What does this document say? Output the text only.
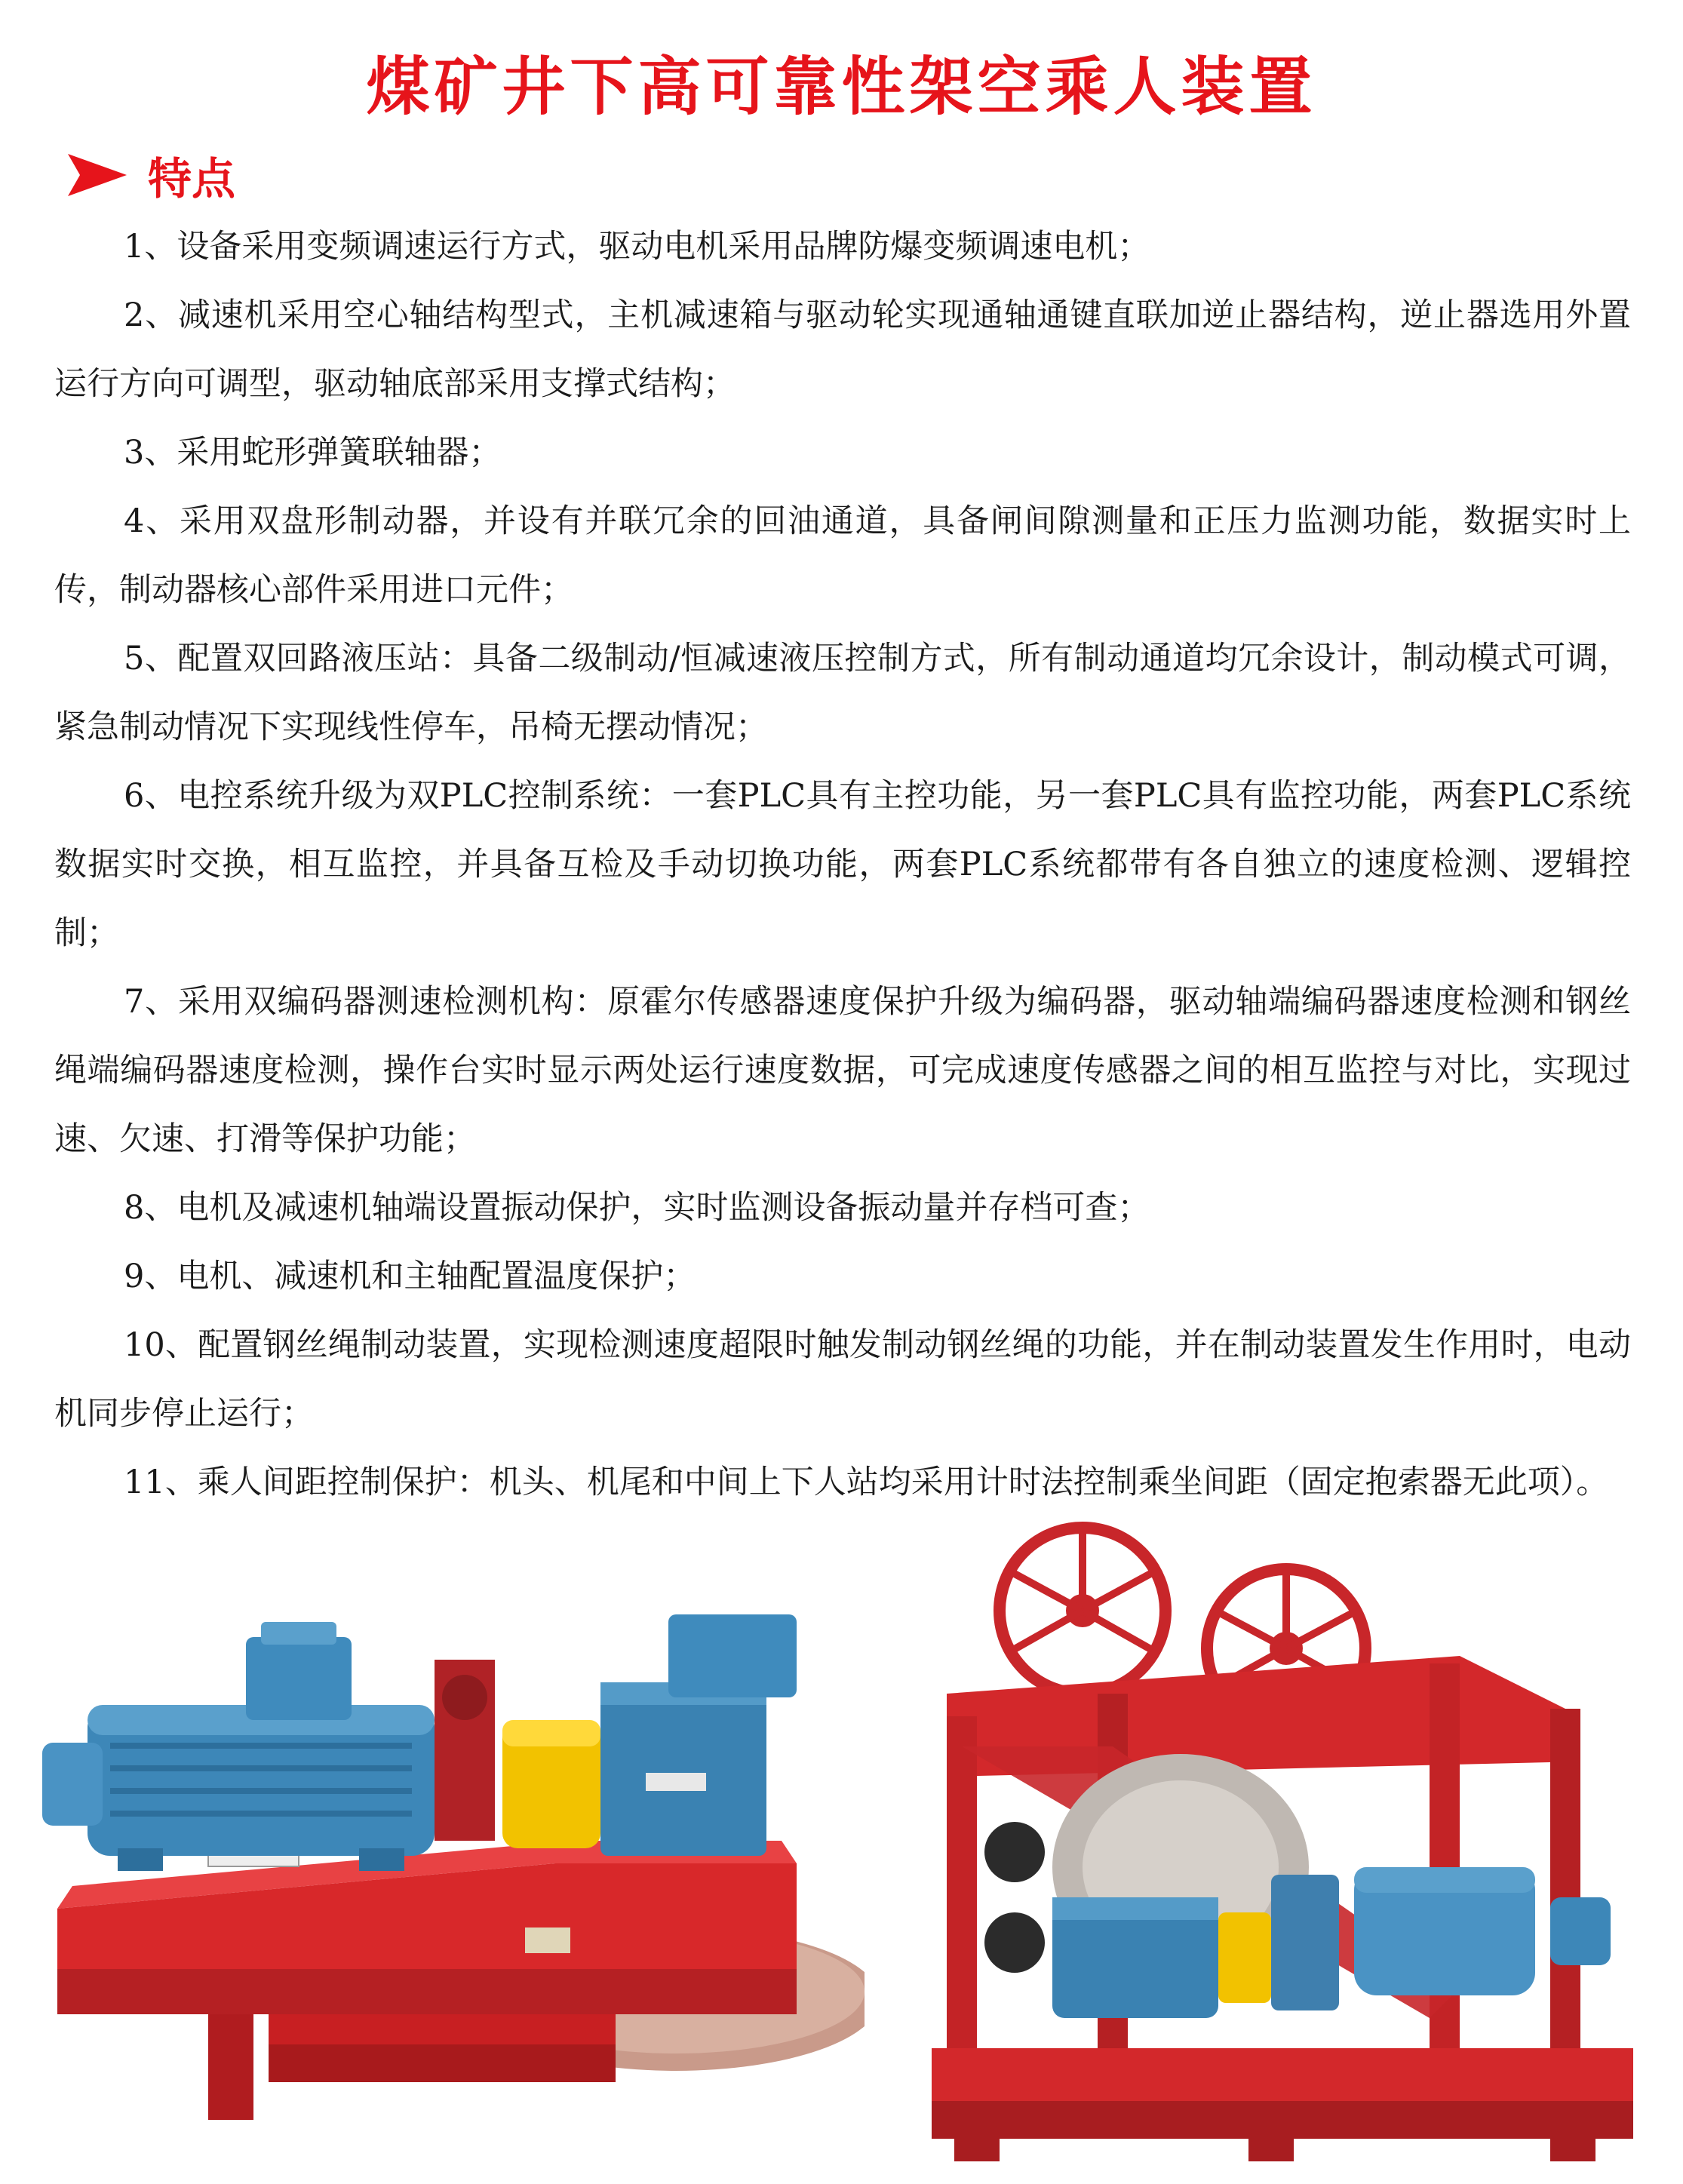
煤矿井下高可靠性架空乘人装置
特点
1、设备采用变频调速运行方式，驱动电机采用品牌防爆变频调速电机；
2、减速机采用空心轴结构型式，主机减速箱与驱动轮实现通轴通键直联加逆止器结构，逆止器选用外置运行方向可调型，驱动轴底部采用支撑式结构；
3、采用蛇形弹簧联轴器；
4、采用双盘形制动器，并设有并联冗余的回油通道，具备闸间隙测量和正压力监测功能，数据实时上传，制动器核心部件采用进口元件；
5、配置双回路液压站：具备二级制动/恒减速液压控制方式，所有制动通道均冗余设计，制动模式可调，紧急制动情况下实现线性停车，吊椅无摆动情况；
6、电控系统升级为双PLC控制系统：一套PLC具有主控功能，另一套PLC具有监控功能，两套PLC系统数据实时交换，相互监控，并具备互检及手动切换功能，两套PLC系统都带有各自独立的速度检测、逻辑控制；
7、采用双编码器测速检测机构：原霍尔传感器速度保护升级为编码器，驱动轴端编码器速度检测和钢丝绳端编码器速度检测，操作台实时显示两处运行速度数据，可完成速度传感器之间的相互监控与对比，实现过速、欠速、打滑等保护功能；
8、电机及减速机轴端设置振动保护，实时监测设备振动量并存档可查；
9、电机、减速机和主轴配置温度保护；
10、配置钢丝绳制动装置，实现检测速度超限时触发制动钢丝绳的功能，并在制动装置发生作用时，电动机同步停止运行；
11、乘人间距控制保护：机头、机尾和中间上下人站均采用计时法控制乘坐间距（固定抱索器无此项）。
